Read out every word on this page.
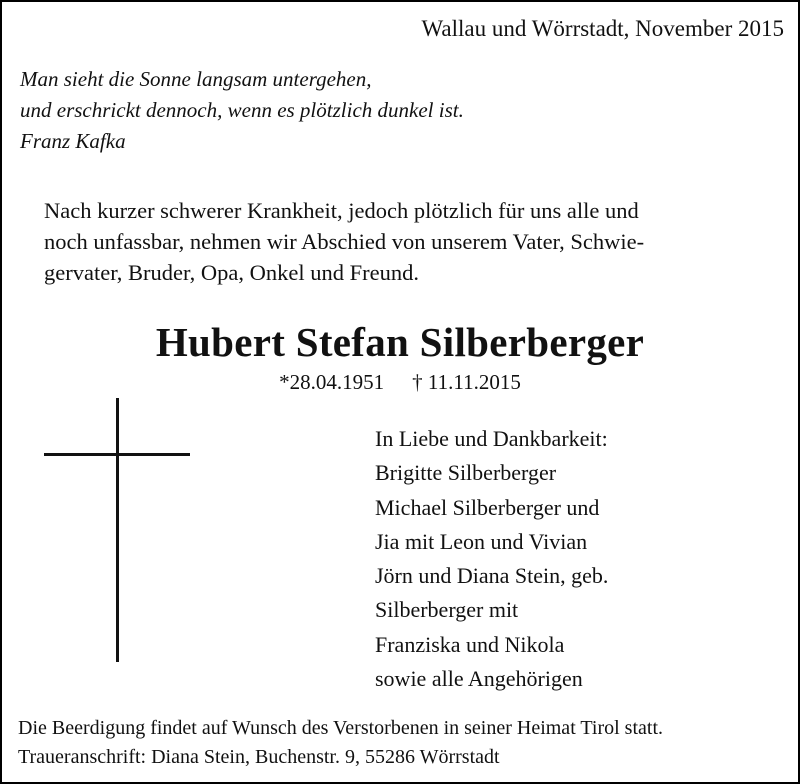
Wallau und Wörrstadt, November 2015

Man sieht die Sonne langsam untergehen,
und erschrickt dennoch, wenn es plötzlich dunkel ist.
Franz Kafka
Nach kurzer schwerer Krankheit, jedoch plötzlich für uns alle und
noch unfassbar, nehmen wir Abschied von unserem Vater, Schwie-
gervater, Bruder, Opa, Onkel und Freund.
Hubert Stefan Silberberger
*28.04.1951 † 11.11.2015
In Liebe und Dankbarkeit:
Brigitte Silberberger
Michael Silberberger und
Jia mit Leon und Vivian
Jörn und Diana Stein, geb.
Silberberger mit
Franziska und Nikola
sowie alle Angehörigen
Die Beerdigung findet auf Wunsch des Verstorbenen in seiner Heimat Tirol statt.
Traueranschrift: Diana Stein, Buchenstr. 9, 55286 Wörrstadt
